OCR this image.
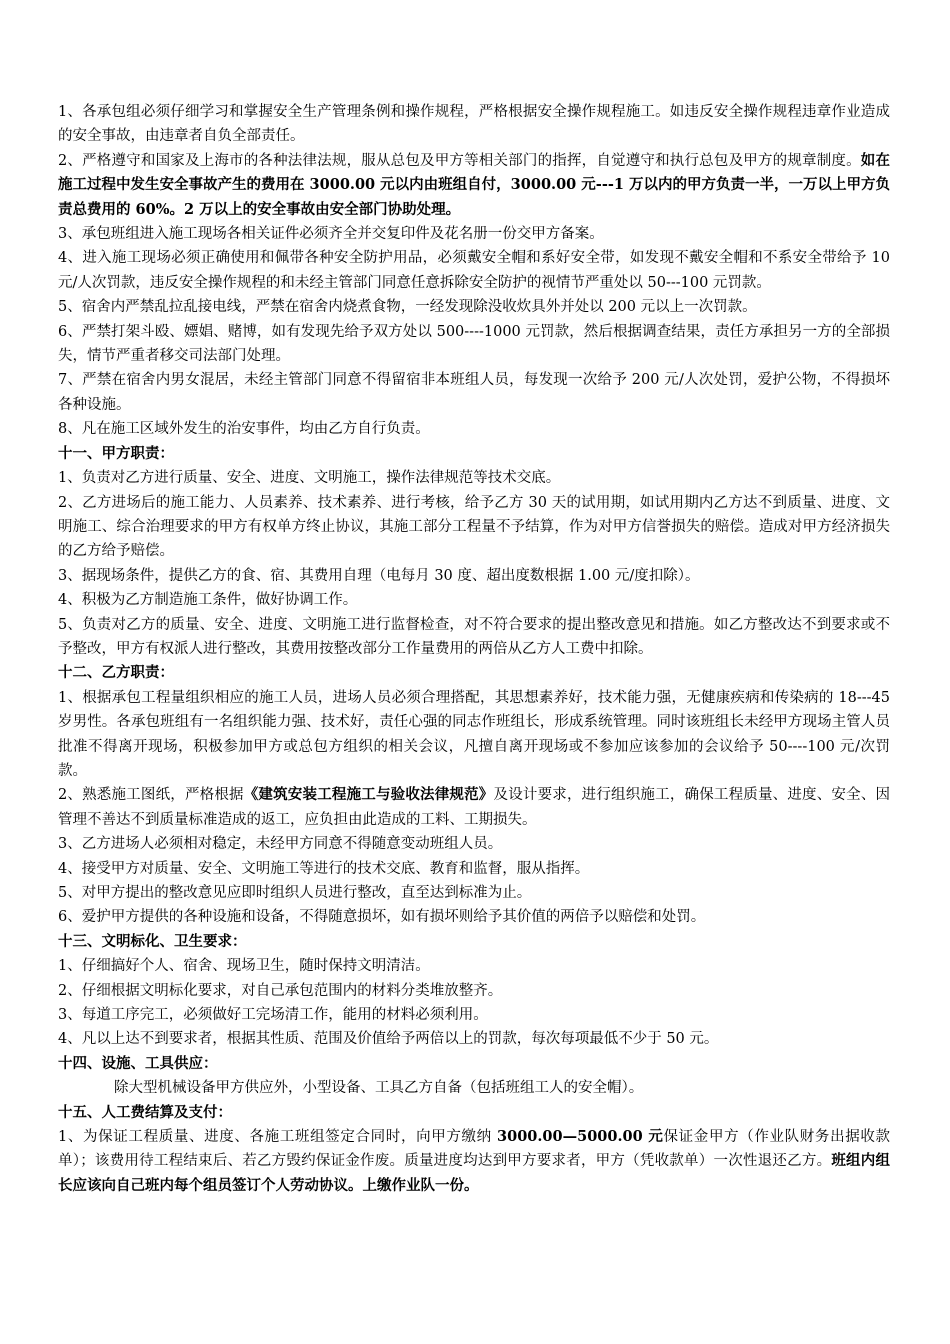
1、各承包组必须仔细学习和掌握安全生产管理条例和操作规程，严格根据安全操作规程施工。如违反安全操作规程违章作业造成的安全事故，由违章者自负全部责任。

2、严格遵守和国家及上海市的各种法律法规，服从总包及甲方等相关部门的指挥，自觉遵守和执行总包及甲方的规章制度。如在施工过程中发生安全事故产生的费用在 3000.00 元以内由班组自付，3000.00 元---1 万以内的甲方负责一半，一万以上甲方负责总费用的 60%。2 万以上的安全事故由安全部门协助处理。

3、承包班组进入施工现场各相关证件必须齐全并交复印件及花名册一份交甲方备案。

4、进入施工现场必须正确使用和佩带各种安全防护用品，必须戴安全帽和系好安全带，如发现不戴安全帽和不系安全带给予 10 元/人次罚款，违反安全操作规程的和未经主管部门同意任意拆除安全防护的视情节严重处以 50---100 元罚款。

5、宿舍内严禁乱拉乱接电线，严禁在宿舍内烧煮食物，一经发现除没收炊具外并处以 200 元以上一次罚款。

6、严禁打架斗殴、嫖娼、赌博，如有发现先给予双方处以 500----1000 元罚款，然后根据调查结果，责任方承担另一方的全部损失，情节严重者移交司法部门处理。

7、严禁在宿舍内男女混居，未经主管部门同意不得留宿非本班组人员，每发现一次给予 200 元/人次处罚，爱护公物，不得损坏各种设施。

8、凡在施工区域外发生的治安事件，均由乙方自行负责。

十一、甲方职责：

1、负责对乙方进行质量、安全、进度、文明施工，操作法律规范等技术交底。

2、乙方进场后的施工能力、人员素养、技术素养、进行考核，给予乙方 30 天的试用期，如试用期内乙方达不到质量、进度、文明施工、综合治理要求的甲方有权单方终止协议，其施工部分工程量不予结算，作为对甲方信誉损失的赔偿。造成对甲方经济损失的乙方给予赔偿。

3、据现场条件，提供乙方的食、宿、其费用自理（电每月 30 度、超出度数根据 1.00 元/度扣除）。

4、积极为乙方制造施工条件，做好协调工作。

5、负责对乙方的质量、安全、进度、文明施工进行监督检查，对不符合要求的提出整改意见和措施。如乙方整改达不到要求或不予整改，甲方有权派人进行整改，其费用按整改部分工作量费用的两倍从乙方人工费中扣除。

十二、乙方职责：

1、根据承包工程量组织相应的施工人员，进场人员必须合理搭配，其思想素养好，技术能力强，无健康疾病和传染病的 18---45 岁男性。各承包班组有一名组织能力强、技术好，责任心强的同志作班组长，形成系统管理。同时该班组长未经甲方现场主管人员批准不得离开现场，积极参加甲方或总包方组织的相关会议，凡擅自离开现场或不参加应该参加的会议给予 50----100 元/次罚款。

2、熟悉施工图纸，严格根据《建筑安装工程施工与验收法律规范》及设计要求，进行组织施工，确保工程质量、进度、安全、因管理不善达不到质量标准造成的返工，应负担由此造成的工料、工期损失。

3、乙方进场人必须相对稳定，未经甲方同意不得随意变动班组人员。

4、接受甲方对质量、安全、文明施工等进行的技术交底、教育和监督，服从指挥。

5、对甲方提出的整改意见应即时组织人员进行整改，直至达到标准为止。

6、爱护甲方提供的各种设施和设备，不得随意损坏，如有损坏则给予其价值的两倍予以赔偿和处罚。

十三、文明标化、卫生要求：

1、仔细搞好个人、宿舍、现场卫生，随时保持文明清洁。

2、仔细根据文明标化要求，对自己承包范围内的材料分类堆放整齐。

3、每道工序完工，必须做好工完场清工作，能用的材料必须利用。

4、凡以上达不到要求者，根据其性质、范围及价值给予两倍以上的罚款，每次每项最低不少于 50 元。

十四、设施、工具供应：

除大型机械设备甲方供应外，小型设备、工具乙方自备（包括班组工人的安全帽）。

十五、人工费结算及支付：

1、为保证工程质量、进度、各施工班组签定合同时，向甲方缴纳 3000.00—5000.00 元保证金甲方（作业队财务出据收款单）；该费用待工程结束后、若乙方毁约保证金作废。质量进度均达到甲方要求者，甲方（凭收款单）一次性退还乙方。班组内组长应该向自己班内每个组员签订个人劳动协议。上缴作业队一份。
